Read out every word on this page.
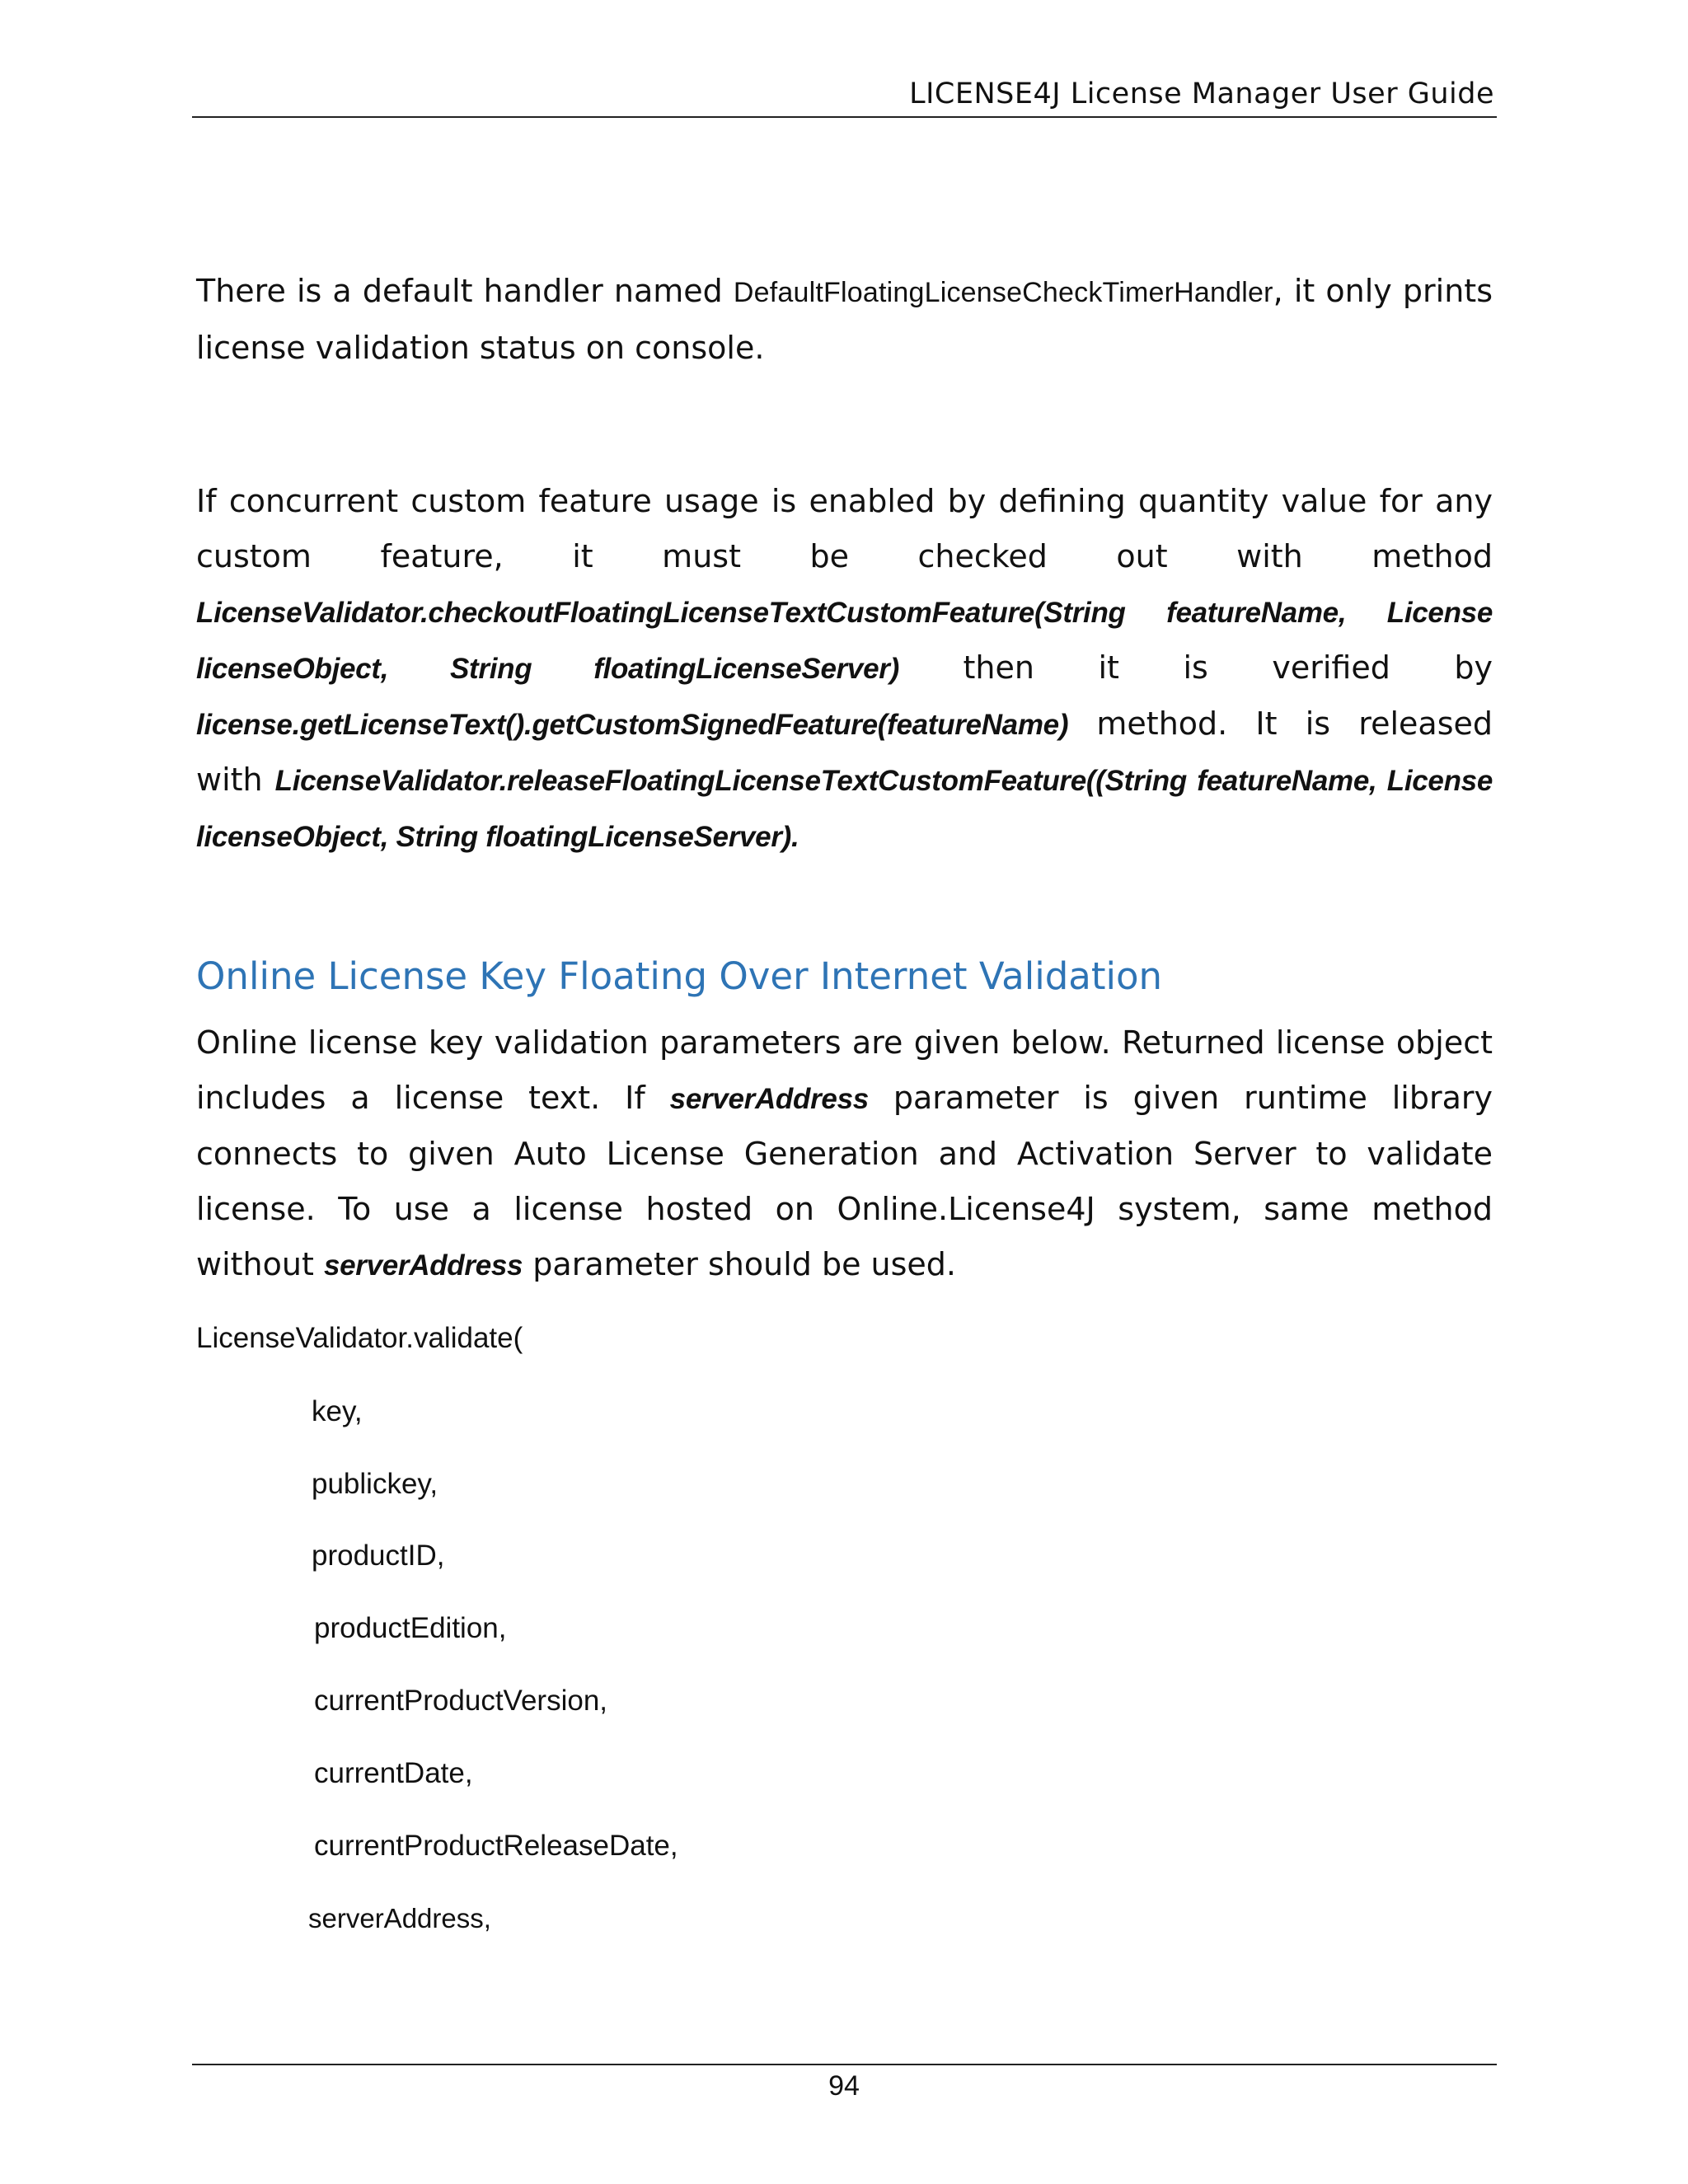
LICENSE4J License Manager User Guide

There is a default handler named DefaultFloatingLicenseCheckTimerHandler, it only prints license validation status on console.

If concurrent custom feature usage is enabled by defining quantity value for any custom feature, it must be checked out with method LicenseValidator.checkoutFloatingLicenseTextCustomFeature(String featureName, License licenseObject, String floatingLicenseServer) then it is verified by license.getLicenseText().getCustomSignedFeature(featureName) method. It is released with LicenseValidator.releaseFloatingLicenseTextCustomFeature((String featureName, License licenseObject, String floatingLicenseServer).

Online License Key Floating Over Internet Validation

Online license key validation parameters are given below. Returned license object includes a license text. If serverAddress parameter is given runtime library connects to given Auto License Generation and Activation Server to validate license. To use a license hosted on Online.License4J system, same method without serverAddress parameter should be used.

LicenseValidator.validate(
key,
publickey,
productID,
productEdition,
currentProductVersion,
currentDate,
currentProductReleaseDate,
serverAddress,
94
